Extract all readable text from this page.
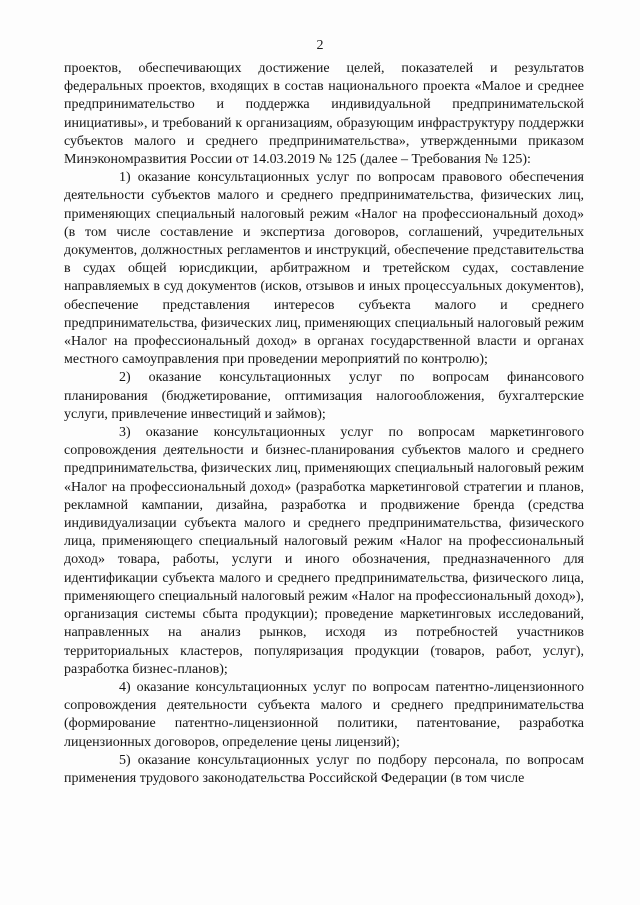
2

проектов, обеспечивающих достижение целей, показателей и результатов федеральных проектов, входящих в состав национального проекта «Малое и среднее предпринимательство и поддержка индивидуальной предпринимательской инициативы», и требований к организациям, образующим инфраструктуру поддержки субъектов малого и среднего предпринимательства», утвержденными приказом Минэкономразвития России от 14.03.2019 № 125 (далее – Требования № 125):

1) оказание консультационных услуг по вопросам правового обеспечения деятельности субъектов малого и среднего предпринимательства, физических лиц, применяющих специальный налоговый режим «Налог на профессиональный доход» (в том числе составление и экспертиза договоров, соглашений, учредительных документов, должностных регламентов и инструкций, обеспечение представительства в судах общей юрисдикции, арбитражном и третейском судах, составление направляемых в суд документов (исков, отзывов и иных процессуальных документов), обеспечение представления интересов субъекта малого и среднего предпринимательства, физических лиц, применяющих специальный налоговый режим «Налог на профессиональный доход» в органах государственной власти и органах местного самоуправления при проведении мероприятий по контролю);

2) оказание консультационных услуг по вопросам финансового планирования (бюджетирование, оптимизация налогообложения, бухгалтерские услуги, привлечение инвестиций и займов);

3) оказание консультационных услуг по вопросам маркетингового сопровождения деятельности и бизнес-планирования субъектов малого и среднего предпринимательства, физических лиц, применяющих специальный налоговый режим «Налог на профессиональный доход» (разработка маркетинговой стратегии и планов, рекламной кампании, дизайна, разработка и продвижение бренда (средства индивидуализации субъекта малого и среднего предпринимательства, физического лица, применяющего специальный налоговый режим «Налог на профессиональный доход» товара, работы, услуги и иного обозначения, предназначенного для идентификации субъекта малого и среднего предпринимательства, физического лица, применяющего специальный налоговый режим «Налог на профессиональный доход»), организация системы сбыта продукции); проведение маркетинговых исследований, направленных на анализ рынков, исходя из потребностей участников территориальных кластеров, популяризация продукции (товаров, работ, услуг), разработка бизнес-планов);

4) оказание консультационных услуг по вопросам патентно-лицензионного сопровождения деятельности субъекта малого и среднего предпринимательства (формирование патентно-лицензионной политики, патентование, разработка лицензионных договоров, определение цены лицензий);

5) оказание консультационных услуг по подбору персонала, по вопросам применения трудового законодательства Российской Федерации (в том числе
